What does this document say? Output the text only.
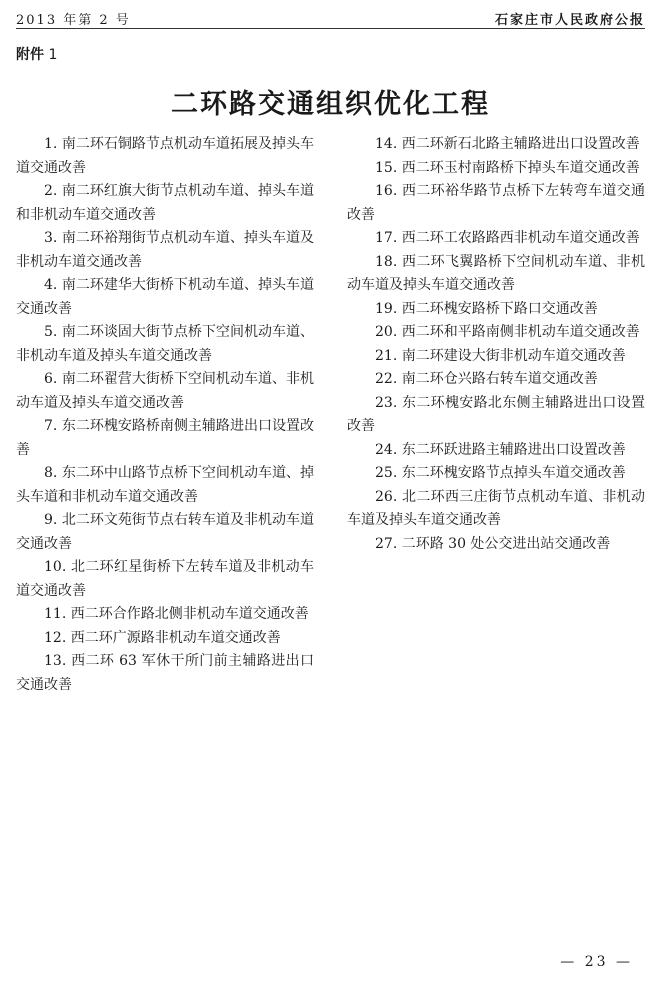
2013 年第 2 号	石家庄市人民政府公报
附件 1
二环路交通组织优化工程

1. 南二环石铜路节点机动车道拓展及掉头车道交通改善

2. 南二环红旗大街节点机动车道、掉头车道和非机动车道交通改善

3. 南二环裕翔街节点机动车道、掉头车道及非机动车道交通改善

4. 南二环建华大街桥下机动车道、掉头车道交通改善

5. 南二环谈固大街节点桥下空间机动车道、非机动车道及掉头车道交通改善

6. 南二环翟营大街桥下空间机动车道、非机动车道及掉头车道交通改善

7. 东二环槐安路桥南侧主辅路进出口设置改善

8. 东二环中山路节点桥下空间机动车道、掉头车道和非机动车道交通改善

9. 北二环文苑街节点右转车道及非机动车道交通改善

10. 北二环红星街桥下左转车道及非机动车道交通改善

11. 西二环合作路北侧非机动车道交通改善

12. 西二环广源路非机动车道交通改善

13. 西二环 63 军休干所门前主辅路进出口交通改善

14. 西二环新石北路主辅路进出口设置改善

15. 西二环玉村南路桥下掉头车道交通改善

16. 西二环裕华路节点桥下左转弯车道交通改善

17. 西二环工农路路西非机动车道交通改善

18. 西二环飞翼路桥下空间机动车道、非机动车道及掉头车道交通改善

19. 西二环槐安路桥下路口交通改善

20. 西二环和平路南侧非机动车道交通改善

21. 南二环建设大街非机动车道交通改善

22. 南二环仓兴路右转车道交通改善

23. 东二环槐安路北东侧主辅路进出口设置改善

24. 东二环跃进路主辅路进出口设置改善

25. 东二环槐安路节点掉头车道交通改善

26. 北二环西三庄街节点机动车道、非机动车道及掉头车道交通改善

27. 二环路 30 处公交进出站交通改善

— 23 —
